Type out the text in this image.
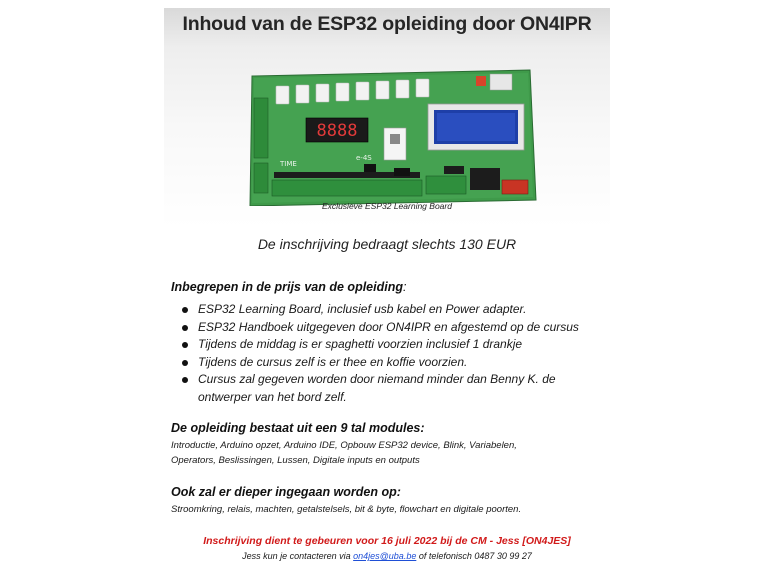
Inhoud van de ESP32 opleiding door ON4IPR
8888
TIME
e-4S
Exclusieve ESP32 Learning Board
De inschrijving bedraagt slechts 130 EUR
Inbegrepen in de prijs van de opleiding:
ESP32 Learning Board, inclusief usb kabel en Power adapter.
ESP32 Handboek uitgegeven door ON4IPR en afgestemd op de cursus
Tijdens de middag is er spaghetti voorzien inclusief 1 drankje
Tijdens de cursus zelf is er thee en koffie voorzien.
Cursus zal gegeven worden door niemand minder dan Benny K. de ontwerper van het bord zelf.
De opleiding bestaat uit een 9 tal modules:
Introductie, Arduino opzet, Arduino IDE, Opbouw ESP32 device, Blink, Variabelen,
Operators, Beslissingen, Lussen, Digitale inputs en outputs
Ook zal er dieper ingegaan worden op:
Stroomkring, relais, machten, getalstelsels, bit & byte, flowchart en digitale poorten.
Inschrijving dient te gebeuren voor 16 juli 2022 bij de CM - Jess [ON4JES]
Jess kun je contacteren via on4jes@uba.be of telefonisch 0487 30 99 27
